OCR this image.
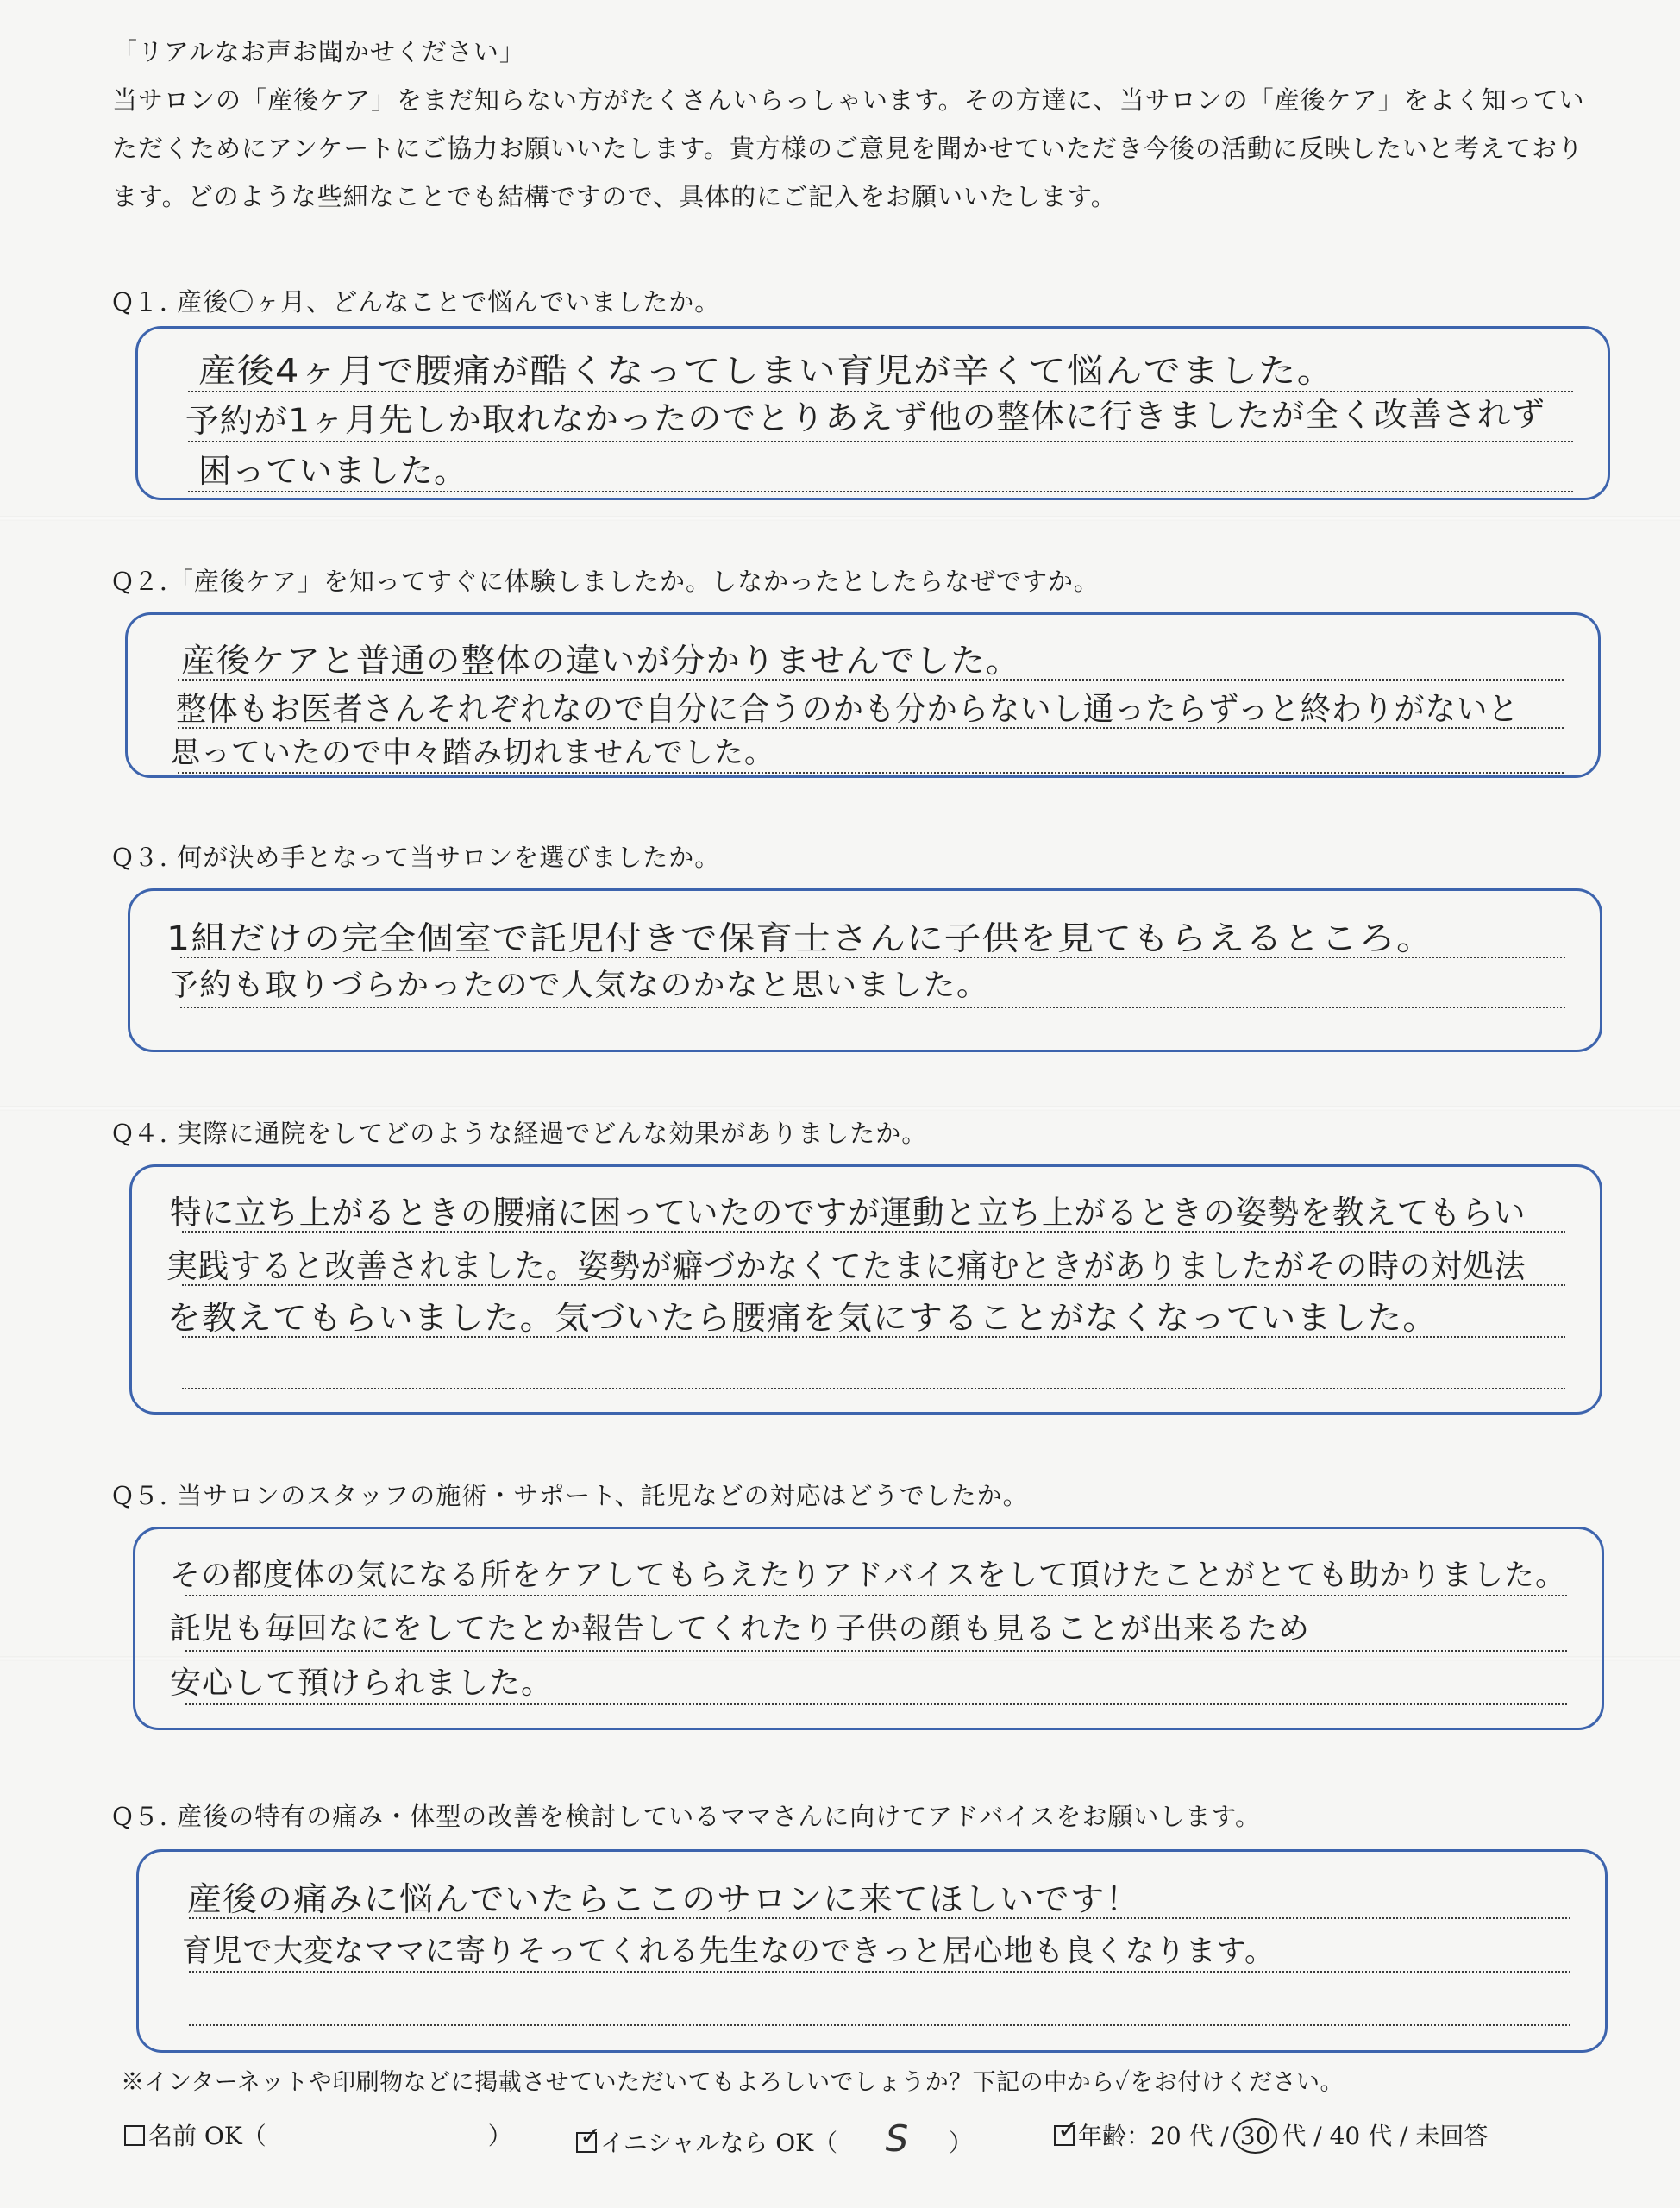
「リアルなお声お聞かせください」
当サロンの「産後ケア」をまだ知らない方がたくさんいらっしゃいます。その方達に、当サロンの「産後ケア」をよく知っていただくためにアンケートにご協力お願いいたします。貴方様のご意見を聞かせていただき今後の活動に反映したいと考えております。どのような些細なことでも結構ですので、具体的にご記入をお願いいたします。
Q１. 産後〇ヶ月、どんなことで悩んでいましたか。
産後4ヶ月で腰痛が酷くなってしまい育児が辛くて悩んでました。
予約が1ヶ月先しか取れなかったのでとりあえず他の整体に行きましたが全く改善されず
困っていました。
Q２.「産後ケア」を知ってすぐに体験しましたか。しなかったとしたらなぜですか。
産後ケアと普通の整体の違いが分かりませんでした。
整体もお医者さんそれぞれなので自分に合うのかも分からないし通ったらずっと終わりがないと
思っていたので中々踏み切れませんでした。
Q３. 何が決め手となって当サロンを選びましたか。
1組だけの完全個室で託児付きで保育士さんに子供を見てもらえるところ。
予約も取りづらかったので人気なのかなと思いました。
Q４. 実際に通院をしてどのような経過でどんな効果がありましたか。
特に立ち上がるときの腰痛に困っていたのですが運動と立ち上がるときの姿勢を教えてもらい
実践すると改善されました。姿勢が癖づかなくてたまに痛むときがありましたがその時の対処法
を教えてもらいました。気づいたら腰痛を気にすることがなくなっていました。
Q５. 当サロンのスタッフの施術・サポート、託児などの対応はどうでしたか。
その都度体の気になる所をケアしてもらえたりアドバイスをして頂けたことがとても助かりました。
託児も毎回なにをしてたとか報告してくれたり子供の顔も見ることが出来るため
安心して預けられました。
Q５. 産後の特有の痛み・体型の改善を検討しているママさんに向けてアドバイスをお願いします。
産後の痛みに悩んでいたらここのサロンに来てほしいです！
育児で大変なママに寄りそってくれる先生なのできっと居心地も良くなります。
※インターネットや印刷物などに掲載させていただいてもよろしいでしょうか？下記の中から✓をお付けください。
名前 OK（	）	✓
イニシャルなら OK（ S ）	✓
年齢：20 代 / 30 代 / 40 代 / 未回答
